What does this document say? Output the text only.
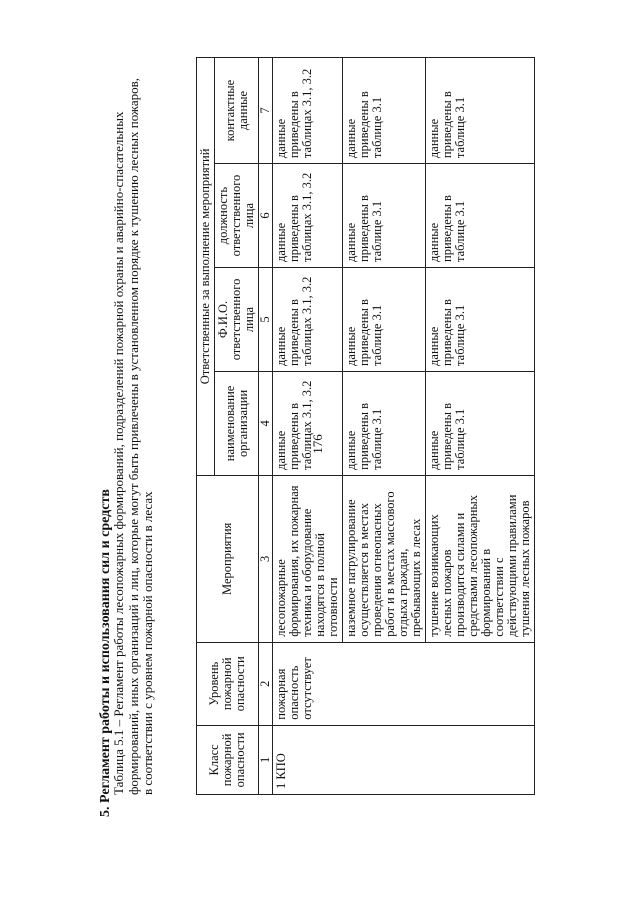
176
5. Регламент работы и использования сил и средств
Таблица 5.1 – Регламент работы лесопожарных формирований, подразделений пожарной охраны и аварийно-спасательных формирований, иных организаций и лиц, которые могут быть привлечены в установленном порядке к тушению лесных пожаров, в соответствии с уровнем пожарной опасности в лесах	Класс пожарной опасности	Уровень пожарной опасности	Мероприятия	Ответственные за выполнение мероприятий			
			наименование организации	Ф.И.О. ответственного лица	должность ответственного лица	контактные данные
1	2	3	4	5	6	7
1 КПО	пожарная опасность отсутствует	лесопожарные формирования, их пожарная техника и оборудование находятся в полной готовности	данные приведены в таблицах 3.1, 3.2	данные приведены в таблицах 3.1, 3.2	данные приведены в таблицах 3.1, 3.2	данные приведены в таблицах 3.1, 3.2
		наземное патрулирование осуществляется в местах проведения огнеопасных работ и в местах массового отдыха граждан, пребывающих в лесах	данные приведены в таблице 3.1	данные приведены в таблице 3.1	данные приведены в таблице 3.1	данные приведены в таблице 3.1
		тушение возникающих лесных пожаров производится силами и средствами лесопожарных формирований в соответствии с действующими правилами тушения лесных пожаров	данные приведены в таблице 3.1	данные приведены в таблице 3.1	данные приведены в таблице 3.1	данные приведены в таблице 3.1
